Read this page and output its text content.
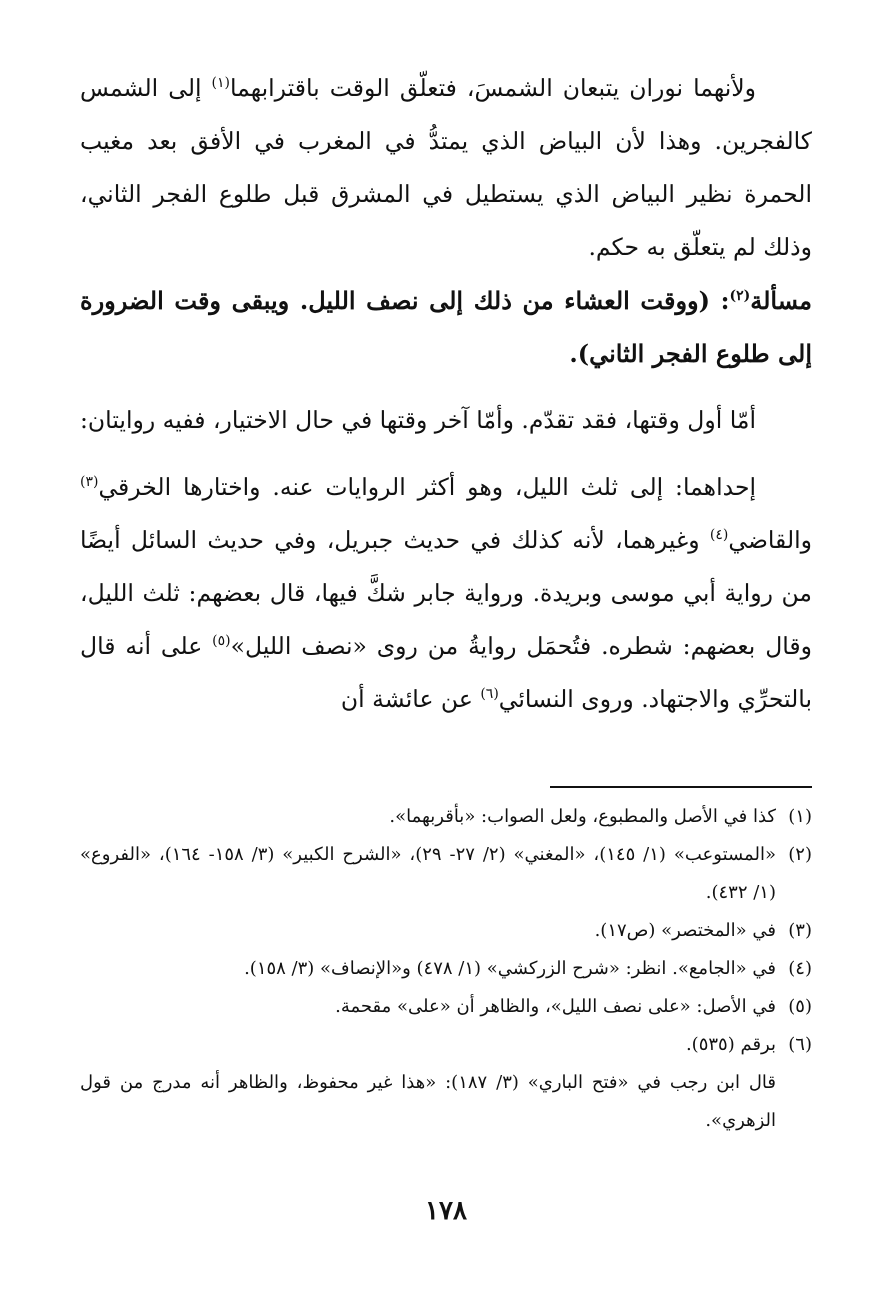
ولأنهما نوران يتبعان الشمسَ، فتعلّق الوقت باقترابهما$^{(١)}$ إلى الشمس كالفجرين. وهذا لأن البياض الذي يمتدُّ في المغرب في الأفق بعد مغيب الحمرة نظير البياض الذي يستطيل في المشرق قبل طلوع الفجر الثاني، وذلك لم يتعلّق به حكم.

مسألة$^{(٢)}$: (ووقت العشاء من ذلك إلى نصف الليل. ويبقى وقت الضرورة إلى طلوع الفجر الثاني).

أمّا أول وقتها، فقد تقدّم. وأمّا آخر وقتها في حال الاختيار، ففيه روايتان:

إحداهما: إلى ثلث الليل، وهو أكثر الروايات عنه. واختارها الخرقي$^{(٣)}$ والقاضي$^{(٤)}$ وغيرهما، لأنه كذلك في حديث جبريل، وفي حديث السائل أيضًا من رواية أبي موسى وبريدة. ورواية جابر شكَّ فيها، قال بعضهم: ثلث الليل، وقال بعضهم: شطره. فتُحمَل روايةُ من روى «نصف الليل»$^{(٥)}$ على أنه قال بالتحرِّي والاجتهاد. وروى النسائي$^{(٦)}$ عن عائشة أن

(١)
كذا في الأصل والمطبوع، ولعل الصواب: «بأقربهما».
(٢)
«المستوعب» (١/ ١٤٥)، «المغني» (٢/ ٢٧- ٢٩)، «الشرح الكبير» (٣/ ١٥٨- ١٦٤)، «الفروع» (١/ ٤٣٢).
(٣)
في «المختصر» (ص١٧).
(٤)
في «الجامع». انظر: «شرح الزركشي» (١/ ٤٧٨) و«الإنصاف» (٣/ ١٥٨).
(٥)
في الأصل: «على نصف الليل»، والظاهر أن «على» مقحمة.
(٦)
برقم (٥٣٥).
قال ابن رجب في «فتح الباري» (٣/ ١٨٧): «هذا غير محفوظ، والظاهر أنه مدرج من قول الزهري».
١٧٨
